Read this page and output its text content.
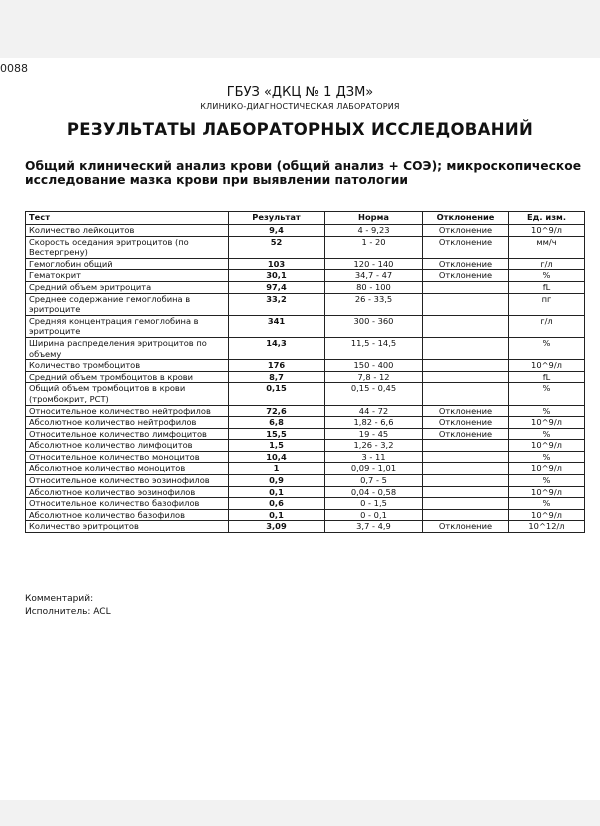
0088
ГБУЗ «ДКЦ № 1 ДЗМ»
КЛИНИКО-ДИАГНОСТИЧЕСКАЯ ЛАБОРАТОРИЯ
РЕЗУЛЬТАТЫ ЛАБОРАТОРНЫХ ИССЛЕДОВАНИЙ
Общий клинический анализ крови (общий анализ + СОЭ); микроскопическое исследование мазка крови при выявлении патологии
Тест	Результат	Норма	Отклонение	Ед. изм.
Количество лейкоцитов	9,4	4 - 9,23	Отклонение	10^9/л
Скорость оседания эритроцитов (по Вестергрену)	52	1 - 20	Отклонение	мм/ч
Гемоглобин общий	103	120 - 140	Отклонение	г/л
Гематокрит	30,1	34,7 - 47	Отклонение	%
Средний объем эритроцита	97,4	80 - 100		fL
Среднее содержание гемоглобина в эритроците	33,2	26 - 33,5		пг
Средняя концентрация гемоглобина в эритроците	341	300 - 360		г/л
Ширина распределения эритроцитов по объему	14,3	11,5 - 14,5		%
Количество тромбоцитов	176	150 - 400		10^9/л
Средний объем тромбоцитов в крови	8,7	7,8 - 12		fL
Общий объем тромбоцитов в крови (тромбокрит, PCT)	0,15	0,15 - 0,45		%
Относительное количество нейтрофилов	72,6	44 - 72	Отклонение	%
Абсолютное количество нейтрофилов	6,8	1,82 - 6,6	Отклонение	10^9/л
Относительное количество лимфоцитов	15,5	19 - 45	Отклонение	%
Абсолютное количество лимфоцитов	1,5	1,26 - 3,2		10^9/л
Относительное количество моноцитов	10,4	3 - 11		%
Абсолютное количество моноцитов	1	0,09 - 1,01		10^9/л
Относительное количество эозинофилов	0,9	0,7 - 5		%
Абсолютное количество эозинофилов	0,1	0,04 - 0,58		10^9/л
Относительное количество базофилов	0,6	0 - 1,5		%
Абсолютное количество базофилов	0,1	0 - 0,1		10^9/л
Количество эритроцитов	3,09	3,7 - 4,9	Отклонение	10^12/л
Комментарий:
Исполнитель: ACL
